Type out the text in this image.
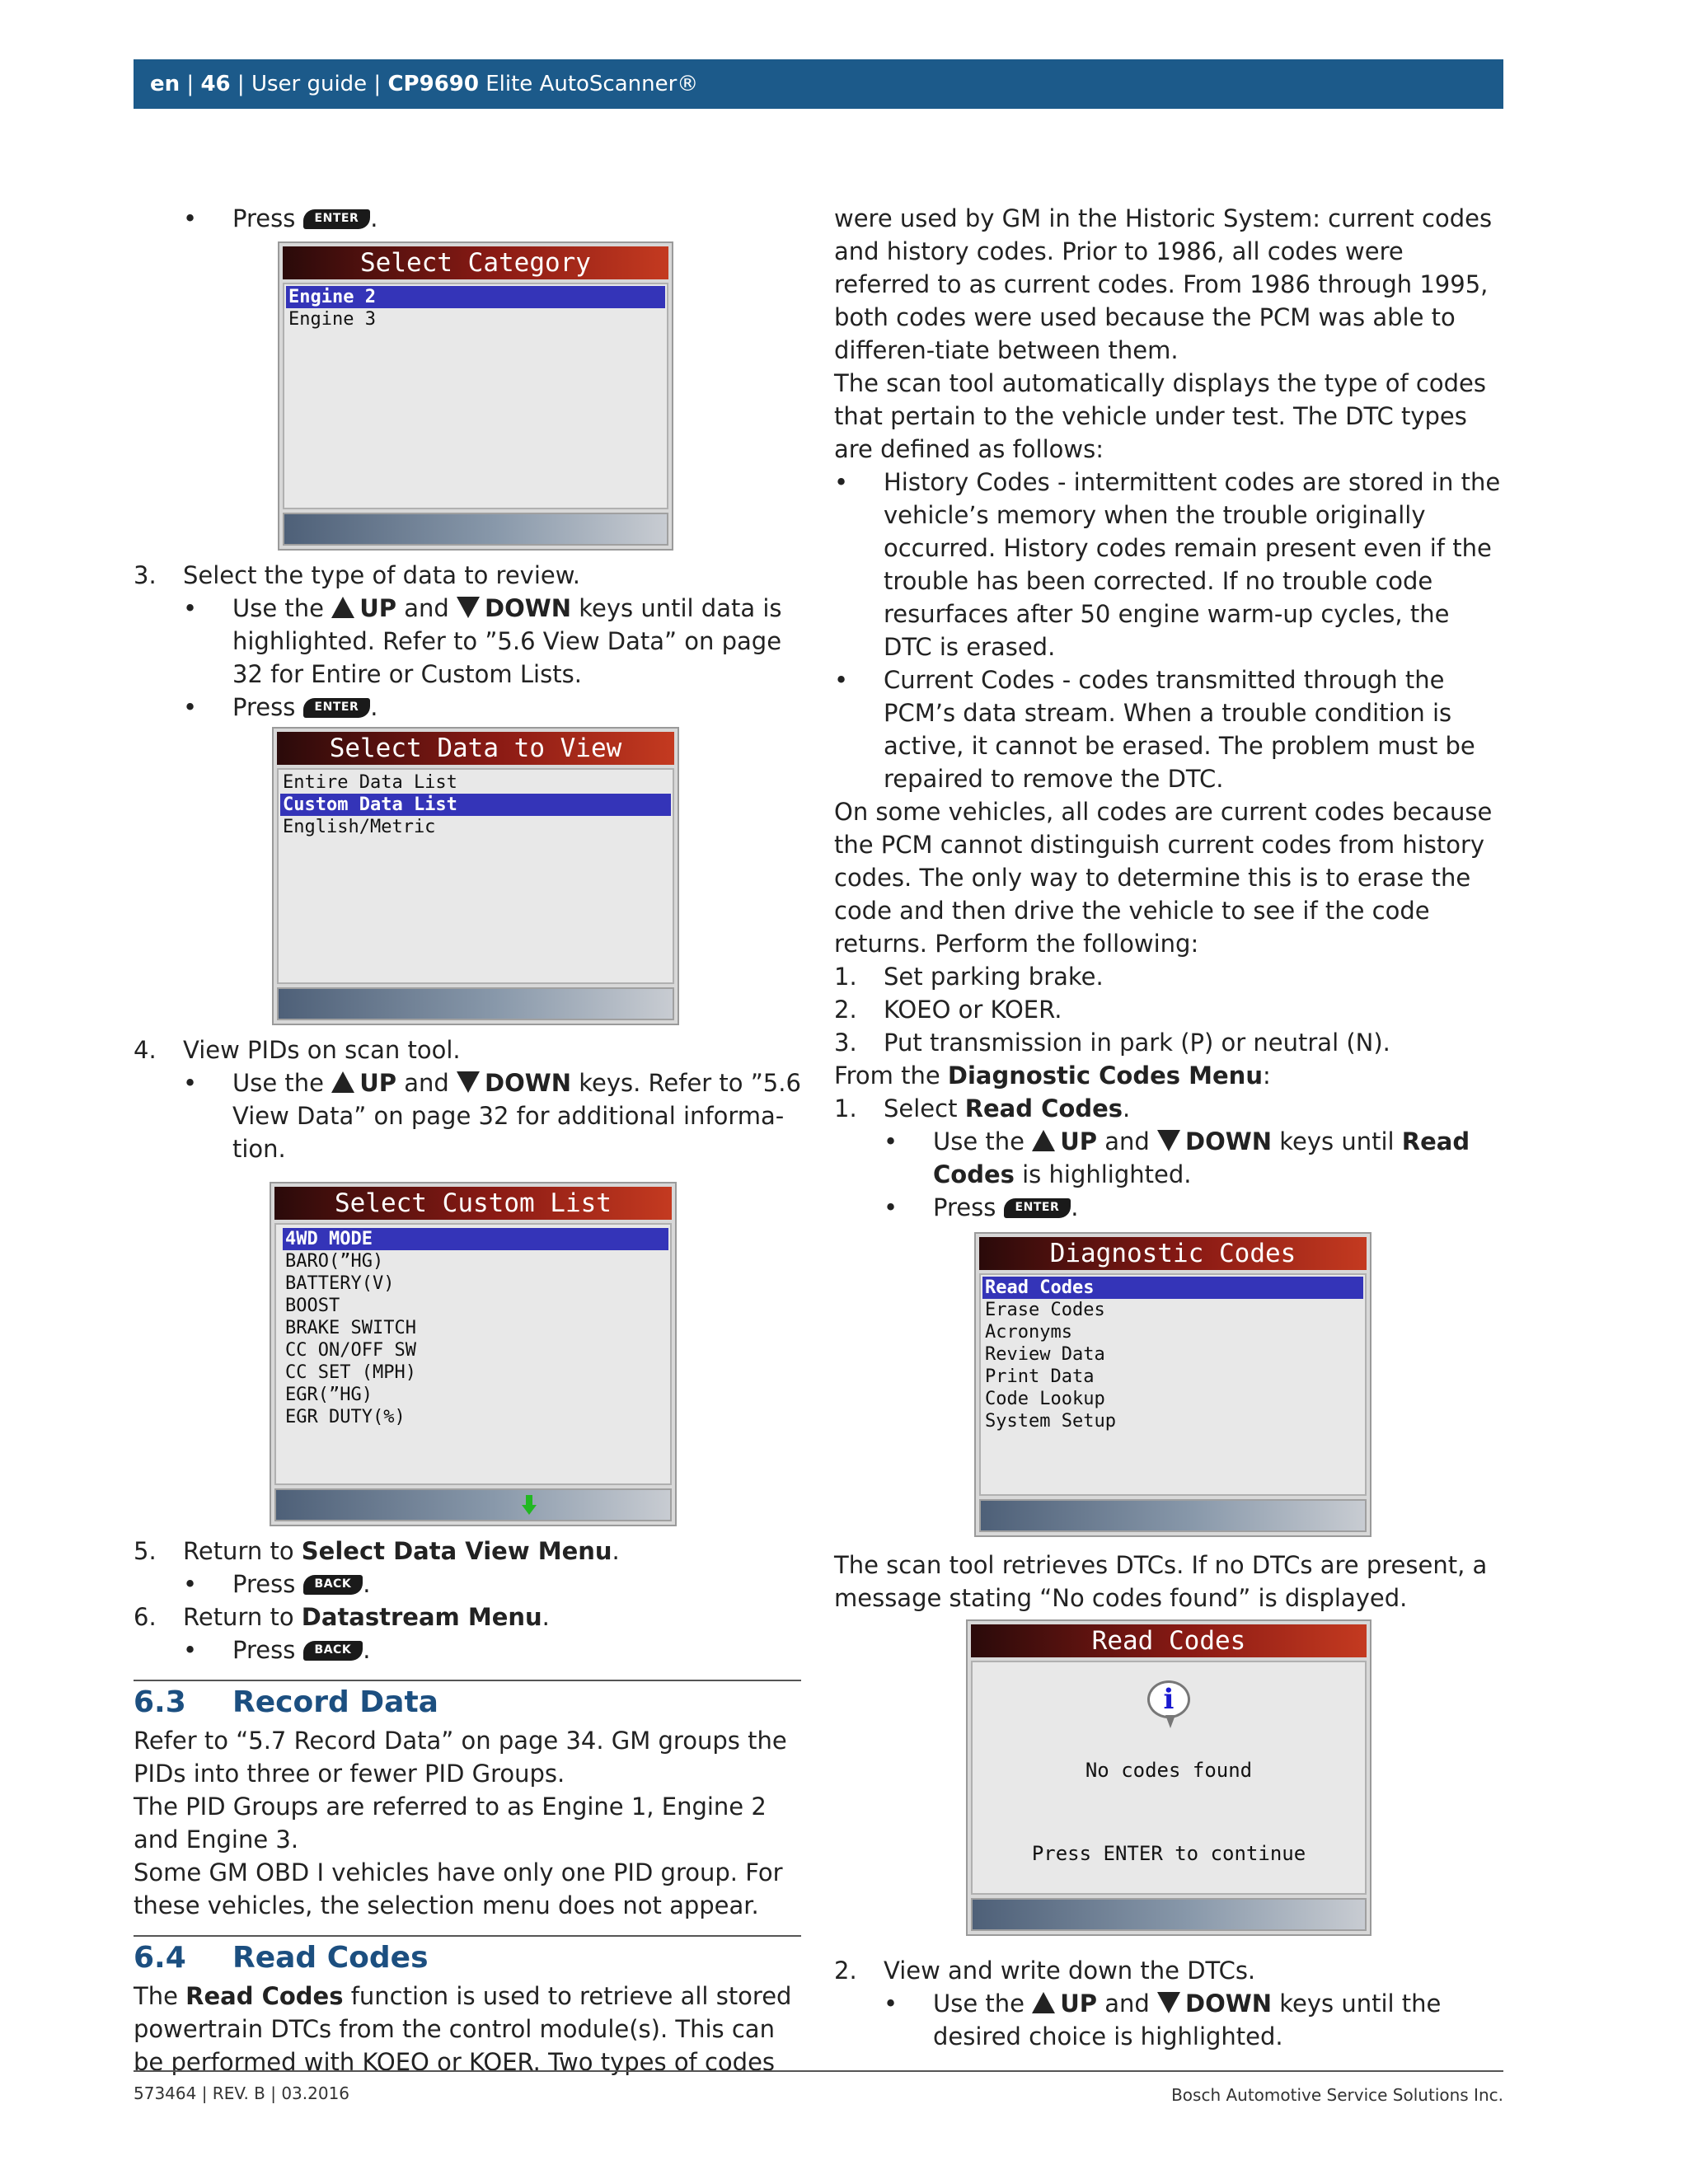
en | 46 | User guide | CP9690 Elite AutoScanner®
• Press ENTER .
Select Category
Engine 2
Engine 3
3. Select the type of data to review.
• Use the UP and DOWN keys until data is highlighted. Refer to ”5.6 View Data” on page 32 for Entire or Custom Lists.
• Press ENTER .
Select Data to View
Entire Data List
Custom Data List
English/Metric
4. View PIDs on scan tool.
• Use the UP and DOWN keys. Refer to ”5.6 View Data” on page 32 for additional informa-tion.
Select Custom List
4WD MODE
BARO(”HG)
BATTERY(V)
BOOST
BRAKE SWITCH
CC ON/OFF SW
CC SET (MPH)
EGR(”HG)
EGR DUTY(%)
5. Return to Select Data View Menu.
• Press BACK .
6. Return to Datastream Menu.
• Press BACK .
6.3 Record Data
Refer to “5.7 Record Data” on page 34. GM groups the PIDs into three or fewer PID Groups.
The PID Groups are referred to as Engine 1, Engine 2 and Engine 3.
Some GM OBD I vehicles have only one PID group. For these vehicles, the selection menu does not appear.
6.4 Read Codes
The Read Codes function is used to retrieve all stored powertrain DTCs from the control module(s). This can be performed with KOEO or KOER. Two types of codes
were used by GM in the Historic System: current codes and history codes. Prior to 1986, all codes were referred to as current codes. From 1986 through 1995, both codes were used because the PCM was able to differen-tiate between them.
The scan tool automatically displays the type of codes that pertain to the vehicle under test. The DTC types are defined as follows:
• History Codes - intermittent codes are stored in the vehicle’s memory when the trouble originally occurred. History codes remain present even if the trouble has been corrected. If no trouble code resurfaces after 50 engine warm-up cycles, the DTC is erased.
• Current Codes - codes transmitted through the PCM’s data stream. When a trouble condition is active, it cannot be erased. The problem must be repaired to remove the DTC.
On some vehicles, all codes are current codes because the PCM cannot distinguish current codes from history codes. The only way to determine this is to erase the code and then drive the vehicle to see if the code returns. Perform the following:
1. Set parking brake.
2. KOEO or KOER.
3. Put transmission in park (P) or neutral (N).
From the Diagnostic Codes Menu:
1. Select Read Codes.
• Use the UP and DOWN keys until Read Codes is highlighted.
• Press ENTER .
Diagnostic Codes
Read Codes
Erase Codes
Acronyms
Review Data
Print Data
Code Lookup
System Setup
The scan tool retrieves DTCs. If no DTCs are present, a message stating “No codes found” is displayed.
Read Codes
i
No codes found
Press ENTER to continue
2. View and write down the DTCs.
• Use the UP and DOWN keys until the desired choice is highlighted.
573464 | REV. B | 03.2016	Bosch Automotive Service Solutions Inc.
